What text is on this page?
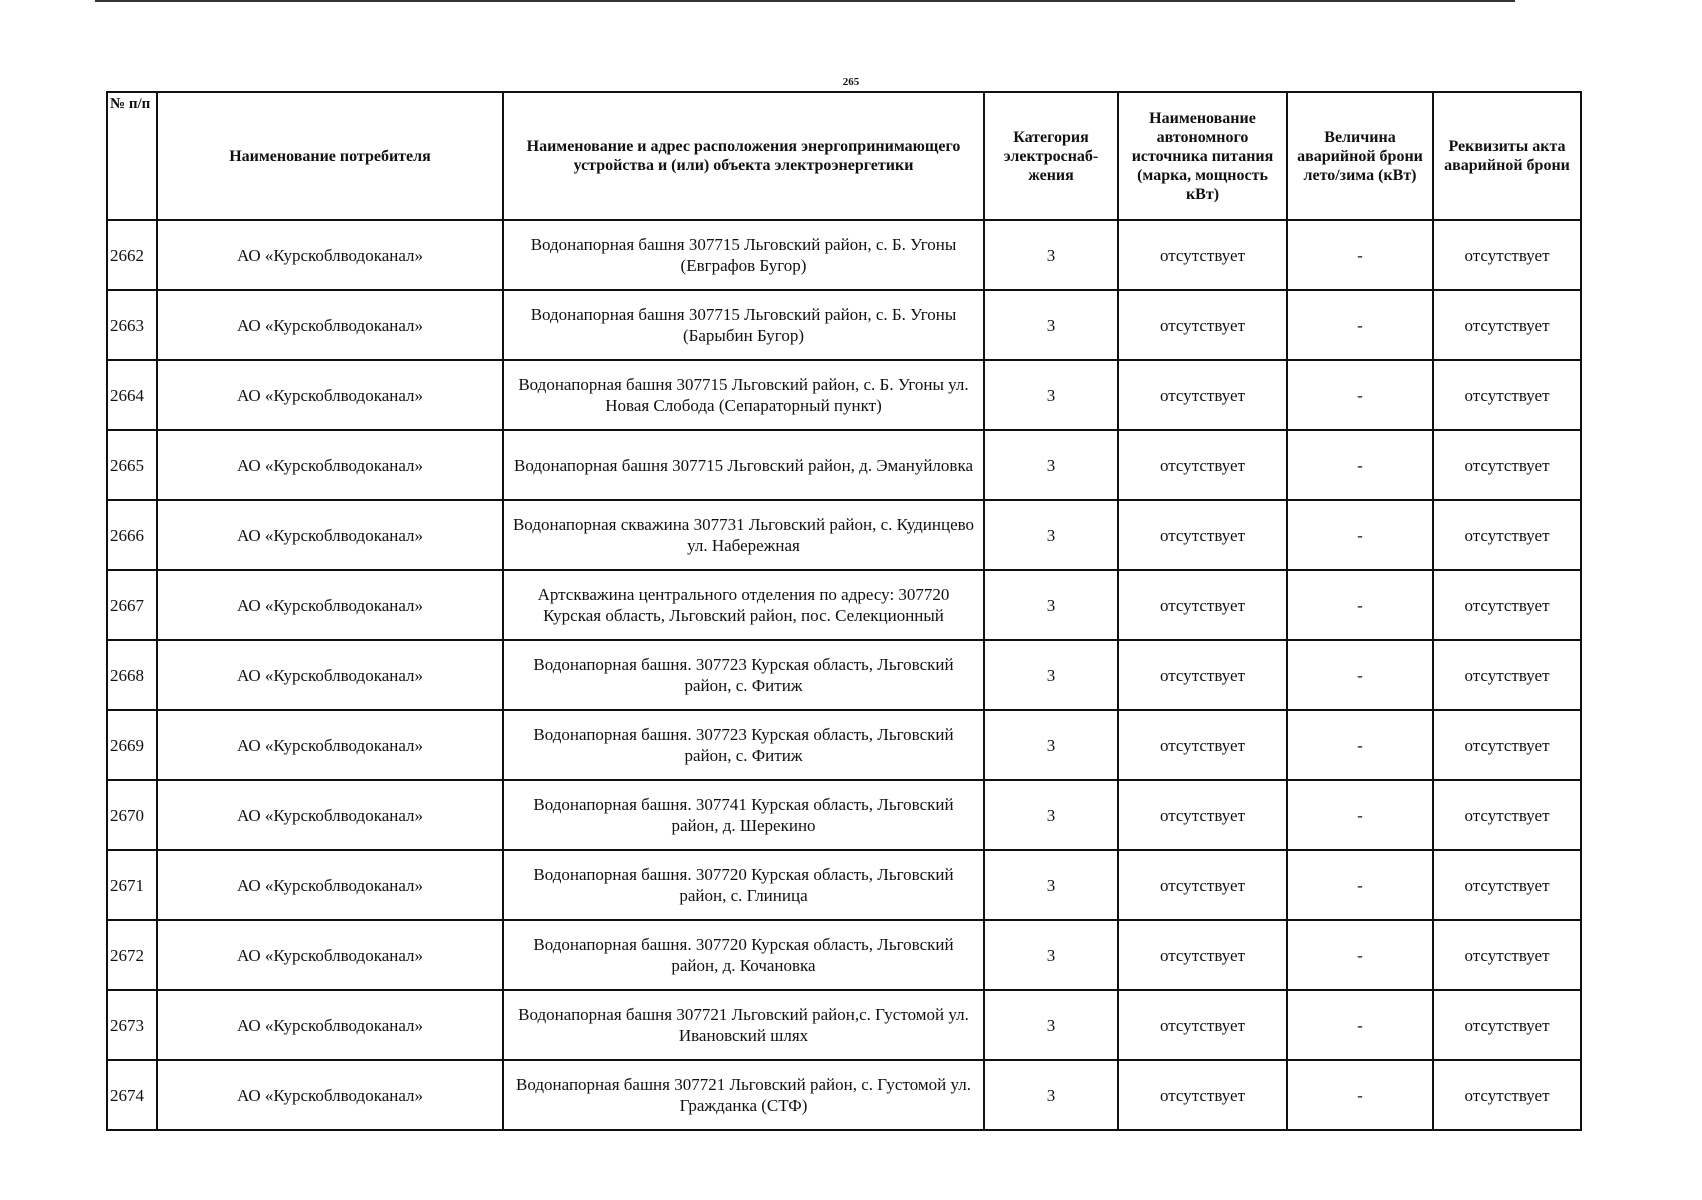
265
№ п/п	Наименование потребителя	Наименование и адрес расположения энергопринимающего устройства и (или) объекта электроэнергетики	Категория электроснаб-жения	Наименование автономного источника питания (марка, мощность кВт)	Величина аварийной брони лето/зима (кВт)	Реквизиты акта аварийной брони
2662	АО «Курскоблводоканал»	Водонапорная башня 307715 Льговский район, с. Б. Угоны (Евграфов Бугор)	3	отсутствует	-	отсутствует
2663	АО «Курскоблводоканал»	Водонапорная башня 307715 Льговский район, с. Б. Угоны (Барыбин Бугор)	3	отсутствует	-	отсутствует
2664	АО «Курскоблводоканал»	Водонапорная башня 307715 Льговский район, с. Б. Угоны ул. Новая Слобода (Сепараторный пункт)	3	отсутствует	-	отсутствует
2665	АО «Курскоблводоканал»	Водонапорная башня 307715 Льговский район, д. Эмануйловка	3	отсутствует	-	отсутствует
2666	АО «Курскоблводоканал»	Водонапорная скважина 307731 Льговский район, с. Кудинцево ул. Набережная	3	отсутствует	-	отсутствует
2667	АО «Курскоблводоканал»	Артскважина центрального отделения по адресу: 307720 Курская область, Льговский район, пос. Селекционный	3	отсутствует	-	отсутствует
2668	АО «Курскоблводоканал»	Водонапорная башня. 307723 Курская область, Льговский район, с. Фитиж	3	отсутствует	-	отсутствует
2669	АО «Курскоблводоканал»	Водонапорная башня. 307723 Курская область, Льговский район, с. Фитиж	3	отсутствует	-	отсутствует
2670	АО «Курскоблводоканал»	Водонапорная башня. 307741 Курская область, Льговский район, д. Шерекино	3	отсутствует	-	отсутствует
2671	АО «Курскоблводоканал»	Водонапорная башня. 307720 Курская область, Льговский район, с. Глиница	3	отсутствует	-	отсутствует
2672	АО «Курскоблводоканал»	Водонапорная башня. 307720 Курская область, Льговский район, д. Кочановка	3	отсутствует	-	отсутствует
2673	АО «Курскоблводоканал»	Водонапорная башня 307721 Льговский район,с. Густомой ул. Ивановский шлях	3	отсутствует	-	отсутствует
2674	АО «Курскоблводоканал»	Водонапорная башня 307721 Льговский район, с. Густомой ул. Гражданка (СТФ)	3	отсутствует	-	отсутствует
